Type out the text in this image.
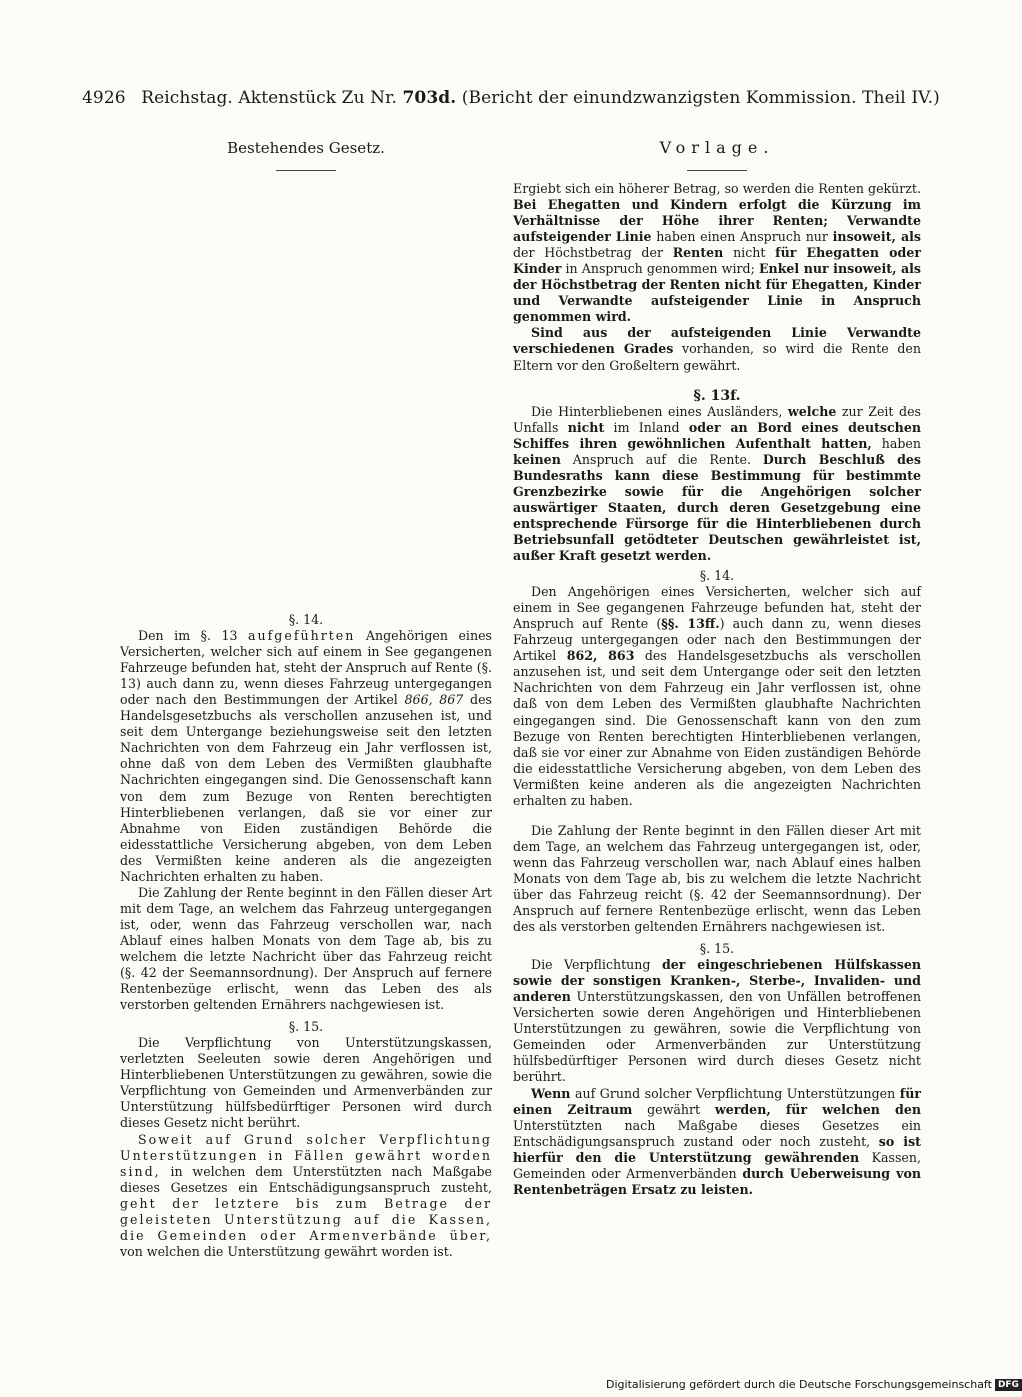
4926 Reichstag. Aktenstück Zu Nr. 703d. (Bericht der einundzwanzigsten Kommission. Theil IV.)
Bestehendes Gesetz.

§. 14.

Den im §. 13 aufgeführten Angehörigen eines Versicherten, welcher sich auf einem in See gegangenen Fahrzeuge befunden hat, steht der Anspruch auf Rente (§. 13) auch dann zu, wenn dieses Fahrzeug untergegangen oder nach den Bestimmungen der Artikel 866, 867 des Handelsgesetzbuchs als verschollen anzusehen ist, und seit dem Untergange beziehungsweise seit den letzten Nachrichten von dem Fahrzeug ein Jahr verflossen ist, ohne daß von dem Leben des Vermißten glaubhafte Nachrichten eingegangen sind. Die Genossenschaft kann von dem zum Bezuge von Renten berechtigten Hinterbliebenen verlangen, daß sie vor einer zur Abnahme von Eiden zuständigen Behörde die eidesstattliche Versicherung abgeben, von dem Leben des Vermißten keine anderen als die angezeigten Nachrichten erhalten zu haben.

Die Zahlung der Rente beginnt in den Fällen dieser Art mit dem Tage, an welchem das Fahrzeug untergegangen ist, oder, wenn das Fahrzeug verschollen war, nach Ablauf eines halben Monats von dem Tage ab, bis zu welchem die letzte Nachricht über das Fahrzeug reicht (§. 42 der Seemannsordnung). Der Anspruch auf fernere Rentenbezüge erlischt, wenn das Leben des als verstorben geltenden Ernährers nachgewiesen ist.

§. 15.

Die Verpflichtung von Unterstützungskassen, verletzten Seeleuten sowie deren Angehörigen und Hinterbliebenen Unterstützungen zu gewähren, sowie die Verpflichtung von Gemeinden und Armenverbänden zur Unterstützung hülfsbedürftiger Personen wird durch dieses Gesetz nicht berührt.

Soweit auf Grund solcher Verpflichtung Unterstützungen in Fällen gewährt worden sind, in welchen dem Unterstützten nach Maßgabe dieses Gesetzes ein Entschädigungsanspruch zusteht, geht der letztere bis zum Betrage der geleisteten Unterstützung auf die Kassen, die Gemeinden oder Armenverbände über, von welchen die Unterstützung gewährt worden ist.

Vorlage.

Ergiebt sich ein höherer Betrag, so werden die Renten gekürzt. Bei Ehegatten und Kindern erfolgt die Kürzung im Verhältnisse der Höhe ihrer Renten; Verwandte aufsteigender Linie haben einen Anspruch nur insoweit, als der Höchstbetrag der Renten nicht für Ehegatten oder Kinder in Anspruch genommen wird; Enkel nur insoweit, als der Höchstbetrag der Renten nicht für Ehegatten, Kinder und Verwandte aufsteigender Linie in Anspruch genommen wird.

Sind aus der aufsteigenden Linie Verwandte verschiedenen Grades vorhanden, so wird die Rente den Eltern vor den Großeltern gewährt.

§. 13f.

Die Hinterbliebenen eines Ausländers, welche zur Zeit des Unfalls nicht im Inland oder an Bord eines deutschen Schiffes ihren gewöhnlichen Aufenthalt hatten, haben keinen Anspruch auf die Rente. Durch Beschluß des Bundesraths kann diese Bestimmung für bestimmte Grenzbezirke sowie für die Angehörigen solcher auswärtiger Staaten, durch deren Gesetzgebung eine entsprechende Fürsorge für die Hinterbliebenen durch Betriebsunfall getödteter Deutschen gewährleistet ist, außer Kraft gesetzt werden.

§. 14.

Den Angehörigen eines Versicherten, welcher sich auf einem in See gegangenen Fahrzeuge befunden hat, steht der Anspruch auf Rente (§§. 13ff.) auch dann zu, wenn dieses Fahrzeug untergegangen oder nach den Bestimmungen der Artikel 862, 863 des Handelsgesetzbuchs als verschollen anzusehen ist, und seit dem Untergange oder seit den letzten Nachrichten von dem Fahrzeug ein Jahr verflossen ist, ohne daß von dem Leben des Vermißten glaubhafte Nachrichten eingegangen sind. Die Genossenschaft kann von den zum Bezuge von Renten berechtigten Hinterbliebenen verlangen, daß sie vor einer zur Abnahme von Eiden zuständigen Behörde die eidesstattliche Versicherung abgeben, von dem Leben des Vermißten keine anderen als die angezeigten Nachrichten erhalten zu haben.

Die Zahlung der Rente beginnt in den Fällen dieser Art mit dem Tage, an welchem das Fahrzeug untergegangen ist, oder, wenn das Fahrzeug verschollen war, nach Ablauf eines halben Monats von dem Tage ab, bis zu welchem die letzte Nachricht über das Fahrzeug reicht (§. 42 der Seemannsordnung). Der Anspruch auf fernere Rentenbezüge erlischt, wenn das Leben des als verstorben geltenden Ernährers nachgewiesen ist.

§. 15.

Die Verpflichtung der eingeschriebenen Hülfskassen sowie der sonstigen Kranken-, Sterbe-, Invaliden- und anderen Unterstützungskassen, den von Unfällen betroffenen Versicherten sowie deren Angehörigen und Hinterbliebenen Unterstützungen zu gewähren, sowie die Verpflichtung von Gemeinden oder Armenverbänden zur Unterstützung hülfsbedürftiger Personen wird durch dieses Gesetz nicht berührt.

Wenn auf Grund solcher Verpflichtung Unterstützungen für einen Zeitraum gewährt werden, für welchen den Unterstützten nach Maßgabe dieses Gesetzes ein Entschädigungsanspruch zustand oder noch zusteht, so ist hierfür den die Unterstützung gewährenden Kassen, Gemeinden oder Armenverbänden durch Ueberweisung von Rentenbeträgen Ersatz zu leisten.

Digitalisierung gefördert durch die Deutsche Forschungsgemeinschaft DFG
